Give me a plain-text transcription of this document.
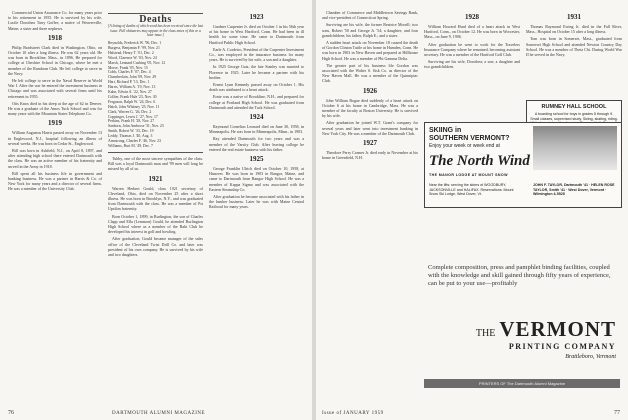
Commercial Union Assurance Co. for many years prior to his retirement in 1955. He is survived by his wife, Lucile Dorothea Tarry Goffee, a native of Weaverville, Maine, a sister and three nephews.

1918

Philip Bradstreet Clark died in Washington, Ohio, on October 10 after a long illness. He was 62 years old. He was born in Brookline, Mass., in 1896, He prepared for college at Cheshire School in Chicago, where he met a member of the Ramhorn Club. He left college to serve in the Navy.

He left college to serve in the Naval Reserve in World War I. After the war he entered the investment business in Chicago and was associated with several firms until his retirement in 1955.

Otis Knox died in his sleep at the age of 62 in Denver. He was a graduate of the Amos Tuck School and was for many years with the Mountain States Telephone Co.

1919

William Augustus Harris passed away on November 13 in Englewood, N.J., hospital following an illness of several weeks. He was born in Cedar St., Englewood.

Bill was born in Ashfield, N.J., on April 8, 1897, and after attending high school there entered Dartmouth with the class. He was an active member of his fraternity and served in the Army in 1918.

Bill spent all his business life in government and banking business. He was a partner in Harris & Co. of New York for many years and a director of several firms. He was a member of the University Club.

Deaths
[A listing of deaths of which word has been received since the last issue. Full obituaries may appear in the class notes of this or a later issue.]
Reynolds, Frederick W. '96, Dec. 1
Burgess, Benjamin F. '99, Nov. 21
Halstead, Henry T. '01, Dec. 2
Wood, Clarence W. '03, Nov. 24
Marsh, Lennard Cushing '05, Nov. 12
Morse, Frank '05, Nov. 15
Cobb, Charles F. '07, Dec. 4
Chamberlain, John '09, Nov. 29
Hart, Richard P. '13, Dec. 1
Harris, William A. '19, Nov. 13
Kahn, Edwin A. '22, Nov. 27
Collier, Frank Hale '23, Nov. 30
Ferguson, Ralph W. '24, Dec. 6
Hatch, John Whitney '25, Nov. 11
Clark, Warren G. '26, Dec. 2
Coppinger, Lewis J. '27, Nov. 17
Perkins, Frank H. '28, Nov. 27
Sanborn, John Ambrose '31, Nov. 23
Smith, Robert W. '33, Dec. 19
Leddy, Thomas J. '40, Aug. 3
Armstrong, Charles F. '46, Nov. 23
Williams, Burt M. '49, Dec. 7

Tubby, one of the most sincere sympathies of the class. Bill was a loyal Dartmouth man and '99 men will long be missed by all of us.

1921

Warren Herbert Gould, class 1921 secretary of Cleveland, Ohio, died on November 25 after a short illness. He was born in Brooklyn, N.Y., and was graduated from Dartmouth with the class. He was a member of Psi Upsilon fraternity.

Born October 1, 1899, in Burlington, the son of Charles Clapp and Ella (Lemmon) Gould, he attended Burlington High School where as a member of the Rabi Club he developed his interest in golf and bowling.

After graduation, Gould became manager of the sales office of the Cleveland Twist Drill Co. and later was president of his own company. He is survived by his wife and two daughters.

1923

Gardner Carpenter Jr. died on October 1 in his 56th year at his home in West Hartford, Conn. He had been in ill health for some time. He came to Dartmouth from Hartford Public High School.

Earle A. Cordeiro, President of the Carpenter Investment Co., was employed in the insurance business for many years. He is survived by his wife, a son and a daughter.

In 1925 George Gatz, the late Stanley was married to Florence in 1925. Later he became a partner with his brother.

Ernest Lynn Kennedy passed away on October 1. His death was attributed to a heart attack.

Ernie was a native of Brookline, N.H., and prepared for college at Portland High School. He was graduated from Dartmouth and attended the Tuck School.

1924

Raymond Cornelius Leonard died on June 30, 1958, in Minneapolis. He was born in Minneapolis, Minn., in 1903.

Ray attended Dartmouth for two years and was a member of the Varsity Club. After leaving college he entered the real estate business with his father.

1925

George Franklin Ulrich died on October 10, 1958, at Hanover. He was born in 1903 in Bangor, Maine, and came to Dartmouth from Bangor High School. He was a member of Kappa Sigma and was associated with the Eastern Steamship Co.

After graduation he became associated with his father in the lumber business. Later he was with Maine Central Railroad for many years.

76	DARTMOUTH ALUMNI MAGAZINE

Chamber of Commerce and Middletown Savings Bank, and vice-president of Connecticut Spring.

Surviving are his wife, the former Beatrice Morrill; two sons, Robert '50 and George Jr. '54; a daughter; and four grandchildren; his father, Ralph E.; and a sister.

A sudden heart attack on November 18 caused the death of Gordon Clinton Tuttle at his home in Hamden, Conn. He was born in 1903 in New Haven and prepared at Hillhouse High School. He was a member of Phi Gamma Delta.

The greater part of his business life Gordon was associated with the Walter S. Sisk Co. as director of the New Haven Mall. He was a member of the Quinnipiac Club.

1926

John William Bogue died suddenly of a heart attack on October 6 at his home in Cambridge, Mass. He was a member of the faculty at Boston University. He is survived by his wife.

After graduation he joined W.T. Grant's company for several years and later went into investment banking in New York City. He was a member of the Dartmouth Club.

1927

Theodore Perry Cramer Jr. died early in November at his home in Greenfield, N.H.

1928

William Howard Hurd died of a heart attack in West Hartford, Conn., on October 12. He was born in Worcester, Mass., on June 9, 1906.

After graduation he went to work for the Travelers Insurance Company where he remained, becoming assistant secretary. He was a member of the Hartford Golf Club.

Surviving are his wife, Dorothea; a son; a daughter and two grandchildren.

1931

Thomas Raymond Ewing Jr. died in the Fall River, Mass., Hospital on October 15 after a long illness.

Tom was born in Somerset, Mass., graduated from Somerset High School and attended Newton Country Day School. He was a member of Theta Chi. During World War II he served in the Navy.

RUMNEY HALL SCHOOL
A boarding school for boys in grades 5 through 9. Small classes, supervised study. Skiing, skating, riding.
SKIING in
SOUTHERN VERMONT?
Enjoy your week or week end at
The North Wind
THE MANOR LODGE AT MOUNT SNOW
Near the lifts; serving the skiers of WOODBURY, JACKSONVILLE and HALIFAX. Reservations: Mount Snow Ski Lodge, West Dover, Vt.
JOHN F. TAYLOR, Dartmouth '41 · HELEN ROSE TAYLOR, Smith '41 · West Dover, Vermont · Wilmington 4-5525
Complete composition, press and pamphlet binding facilities, coupled with the knowledge and skill gained through fifty years of experience, can be put to your use—profitably
THE VERMONT
PRINTING COMPANY
Brattleboro, Vermont
PRINTERS OF The Dartmouth Alumni Magazine
Issue of JANUARY 1959	77
